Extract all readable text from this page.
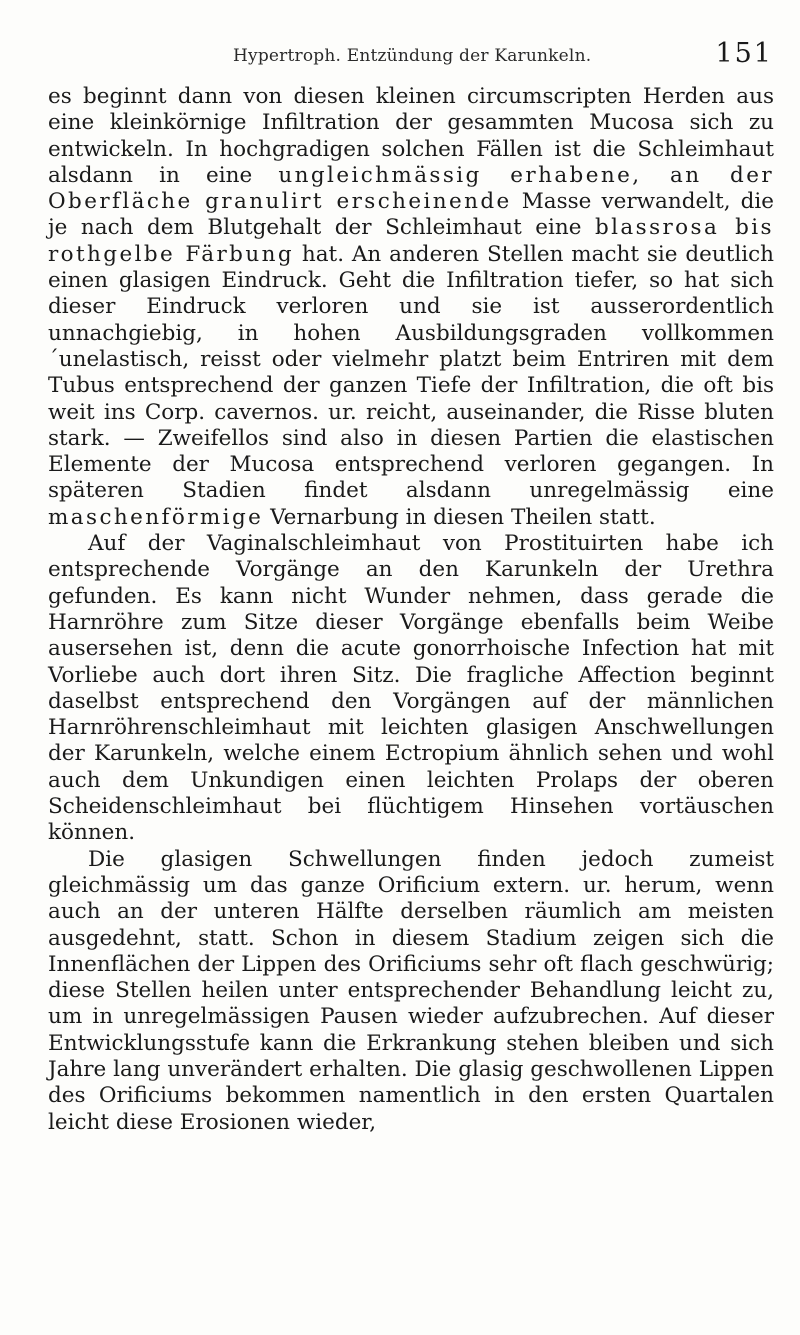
Hypertroph. Entzündung der Karunkeln.	151

es beginnt dann von diesen kleinen circumscripten Herden aus eine kleinkörnige Infiltration der gesammten Mucosa sich zu entwickeln. In hochgradigen solchen Fällen ist die Schleimhaut alsdann in eine ungleichmässig erhabene, an der Oberfläche granulirt erscheinende Masse verwandelt, die je nach dem Blutgehalt der Schleimhaut eine blassrosa bis rothgelbe Färbung hat. An anderen Stellen macht sie deutlich einen glasigen Eindruck. Geht die Infiltration tiefer, so hat sich dieser Eindruck verloren und sie ist ausserordentlich unnachgiebig, in hohen Ausbildungsgraden vollkommen ´unelastisch, reisst oder vielmehr platzt beim Entriren mit dem Tubus entsprechend der ganzen Tiefe der Infiltration, die oft bis weit ins Corp. cavernos. ur. reicht, auseinander, die Risse bluten stark. — Zweifellos sind also in diesen Partien die elastischen Elemente der Mucosa entsprechend verloren gegangen. In späteren Stadien findet alsdann unregelmässig eine maschenförmige Vernarbung in diesen Theilen statt.

Auf der Vaginalschleimhaut von Prostituirten habe ich entsprechende Vorgänge an den Karunkeln der Urethra gefunden. Es kann nicht Wunder nehmen, dass gerade die Harnröhre zum Sitze dieser Vorgänge ebenfalls beim Weibe ausersehen ist, denn die acute gonorrhoische Infection hat mit Vorliebe auch dort ihren Sitz. Die fragliche Affection beginnt daselbst entsprechend den Vorgängen auf der männlichen Harnröhrenschleimhaut mit leichten glasigen Anschwellungen der Karunkeln, welche einem Ectropium ähnlich sehen und wohl auch dem Unkundigen einen leichten Prolaps der oberen Scheidenschleimhaut bei flüchtigem Hinsehen vortäuschen können.

Die glasigen Schwellungen finden jedoch zumeist gleichmässig um das ganze Orificium extern. ur. herum, wenn auch an der unteren Hälfte derselben räumlich am meisten ausgedehnt, statt. Schon in diesem Stadium zeigen sich die Innenflächen der Lippen des Orificiums sehr oft flach geschwürig; diese Stellen heilen unter entsprechender Behandlung leicht zu, um in unregelmässigen Pausen wieder aufzubrechen. Auf dieser Entwicklungsstufe kann die Erkrankung stehen bleiben und sich Jahre lang unverändert erhalten. Die glasig geschwollenen Lippen des Orificiums bekommen namentlich in den ersten Quartalen leicht diese Erosionen wieder,
